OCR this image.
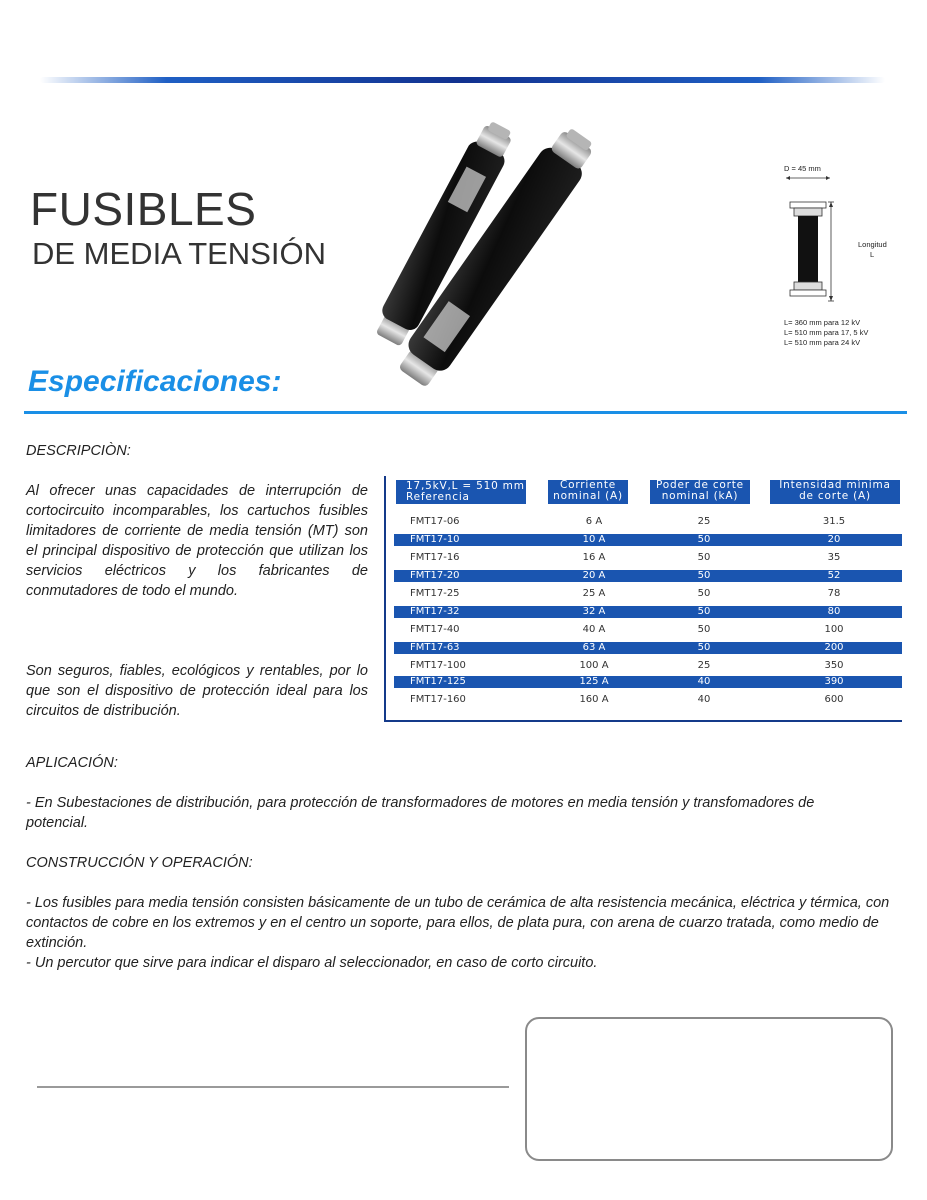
FUSIBLES
DE MEDIA TENSIÓN
D = 45 mm
Longitud
L
L= 360 mm para 12 kV
L= 510 mm para 17, 5 kV
L= 510 mm para 24 kV
Especificaciones:
DESCRIPCIÒN:

Al ofrecer unas capacidades de interrupción de cortocircuito incomparables, los cartuchos fusibles limitadores de corriente de media tensión (MT) son el principal dispositivo de protección que utilizan los servicios eléctricos y los fabricantes de conmutadores de todo el mundo.

Son seguros, fiables, ecológicos y rentables, por lo que son el dispositivo de protección ideal para los circuitos de distribución.

17,5kV,L = 510 mm
Referencia
Corriente
nominal (A)
Poder de corte
nominal (kA)
Intensidad mìnima
de corte (A)
FMT17-06	6 A	25	31.5
FMT17-10	10 A	50	20
FMT17-16	16 A	50	35
FMT17-20	20 A	50	52
FMT17-25	25 A	50	78
FMT17-32	32 A	50	80
FMT17-40	40 A	50	100
FMT17-63	63 A	50	200
FMT17-100	100 A	25	350
FMT17-125	125 A	40	390
FMT17-160	160 A	40	600
APLICACIÓN:

- En Subestaciones de distribución, para protección de transformadores de motores en media tensión y transfomadores de potencial.

CONSTRUCCIÓN Y OPERACIÓN:
- Los fusibles para media tensión consisten básicamente de un tubo de cerámica de alta resistencia mecánica, eléctrica y térmica, con contactos de cobre en los extremos y en el centro un soporte, para ellos, de plata pura, con arena de cuarzo tratada, como medio de extinción.
- Un percutor que sirve para indicar el disparo al seleccionador, en caso de corto circuito.
